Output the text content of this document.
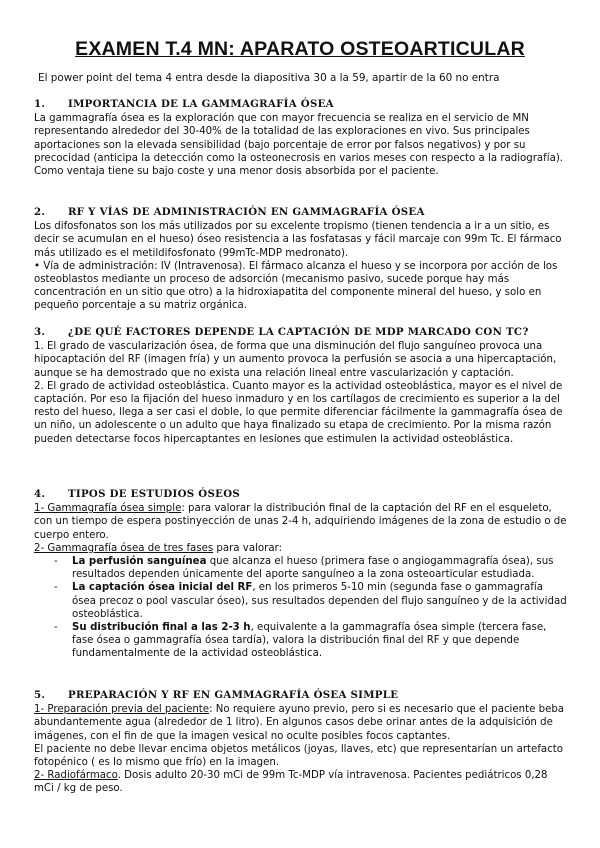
EXAMEN T.4 MN: APARATO OSTEOARTICULAR
El power point del tema 4 entra desde la diapositiva 30 a la 59, apartir de la 60 no entra
1. IMPORTANCIA DE LA GAMMAGRAFÍA ÓSEA

La gammagrafía ósea es la exploración que con mayor frecuencia se realiza en el servicio de MN representando alrededor del 30-40% de la totalidad de las exploraciones en vivo. Sus principales aportaciones son la elevada sensibilidad (bajo porcentaje de error por falsos negativos) y por su precocidad (anticipa la detección como la osteonecrosis en varios meses con respecto a la radiografía). Como ventaja tiene su bajo coste y una menor dosis absorbida por el paciente.

2. RF Y VÍAS DE ADMINISTRACIÓN EN GAMMAGRAFÍA ÓSEA

Los difosfonatos son los más utilizados por su excelente tropismo (tienen tendencia a ir a un sitio, es decir se acumulan en el hueso) óseo resistencia a las fosfatasas y fácil marcaje con 99m Tc. El fármaco más utilizado es el metildifosfonato (99mTc-MDP medronato).

• Vía de administración: IV (Intravenosa). El fármaco alcanza el hueso y se incorpora por acción de los osteoblastos mediante un proceso de adsorción (mecanismo pasivo, sucede porque hay más concentración en un sitio que otro) a la hidroxiapatita del componente mineral del hueso, y solo en pequeño porcentaje a su matriz orgánica.

3. ¿DE QUÉ FACTORES DEPENDE LA CAPTACIÓN DE MDP MARCADO CON TC?

1. El grado de vascularización ósea, de forma que una disminución del flujo sanguíneo provoca una hipocaptación del RF (imagen fría) y un aumento provoca la perfusión se asocia a una hipercaptación, aunque se ha demostrado que no exista una relación lineal entre vascularización y captación.

2. El grado de actividad osteoblástica. Cuanto mayor es la actividad osteoblástica, mayor es el nivel de captación. Por eso la fijación del hueso inmaduro y en los cartílagos de crecimiento es superior a la del resto del hueso, llega a ser casi el doble, lo que permite diferenciar fácilmente la gammagrafía ósea de un niño, un adolescente o un adulto que haya finalizado su etapa de crecimiento. Por la misma razón pueden detectarse focos hipercaptantes en lesiones que estimulen la actividad osteoblástica.

4. TIPOS DE ESTUDIOS ÓSEOS

1- Gammagrafía ósea simple: para valorar la distribución final de la captación del RF en el esqueleto, con un tiempo de espera postinyección de unas 2-4 h, adquiriendo imágenes de la zona de estudio o de cuerpo entero.

2- Gammagrafía ósea de tres fases para valorar:

- La perfusión sanguínea que alcanza el hueso (primera fase o angiogammagrafía ósea), sus resultados dependen únicamente del aporte sanguíneo a la zona osteoarticular estudiada.
- La captación ósea inicial del RF, en los primeros 5-10 min (segunda fase o gammagrafía ósea precoz o pool vascular óseo), sus resultados dependen del flujo sanguíneo y de la actividad osteoblástica.
- Su distribución final a las 2-3 h, equivalente a la gammagrafía ósea simple (tercera fase, fase ósea o gammagrafía ósea tardía), valora la distribución final del RF y que depende fundamentalmente de la actividad osteoblástica.
5. PREPARACIÓN Y RF EN GAMMAGRAFÍA ÓSEA SIMPLE

1- Preparación previa del paciente: No requiere ayuno previo, pero si es necesario que el paciente beba abundantemente agua (alrededor de 1 litro). En algunos casos debe orinar antes de la adquisición de imágenes, con el fin de que la imagen vesical no oculte posibles focos captantes.

El paciente no debe llevar encima objetos metálicos (joyas, llaves, etc) que representarían un artefacto fotopénico ( es lo mismo que frío) en la imagen.

2- Radiofármaco. Dosis adulto 20-30 mCi de 99m Tc-MDP vía intravenosa. Pacientes pediátricos 0,28 mCi / kg de peso.
